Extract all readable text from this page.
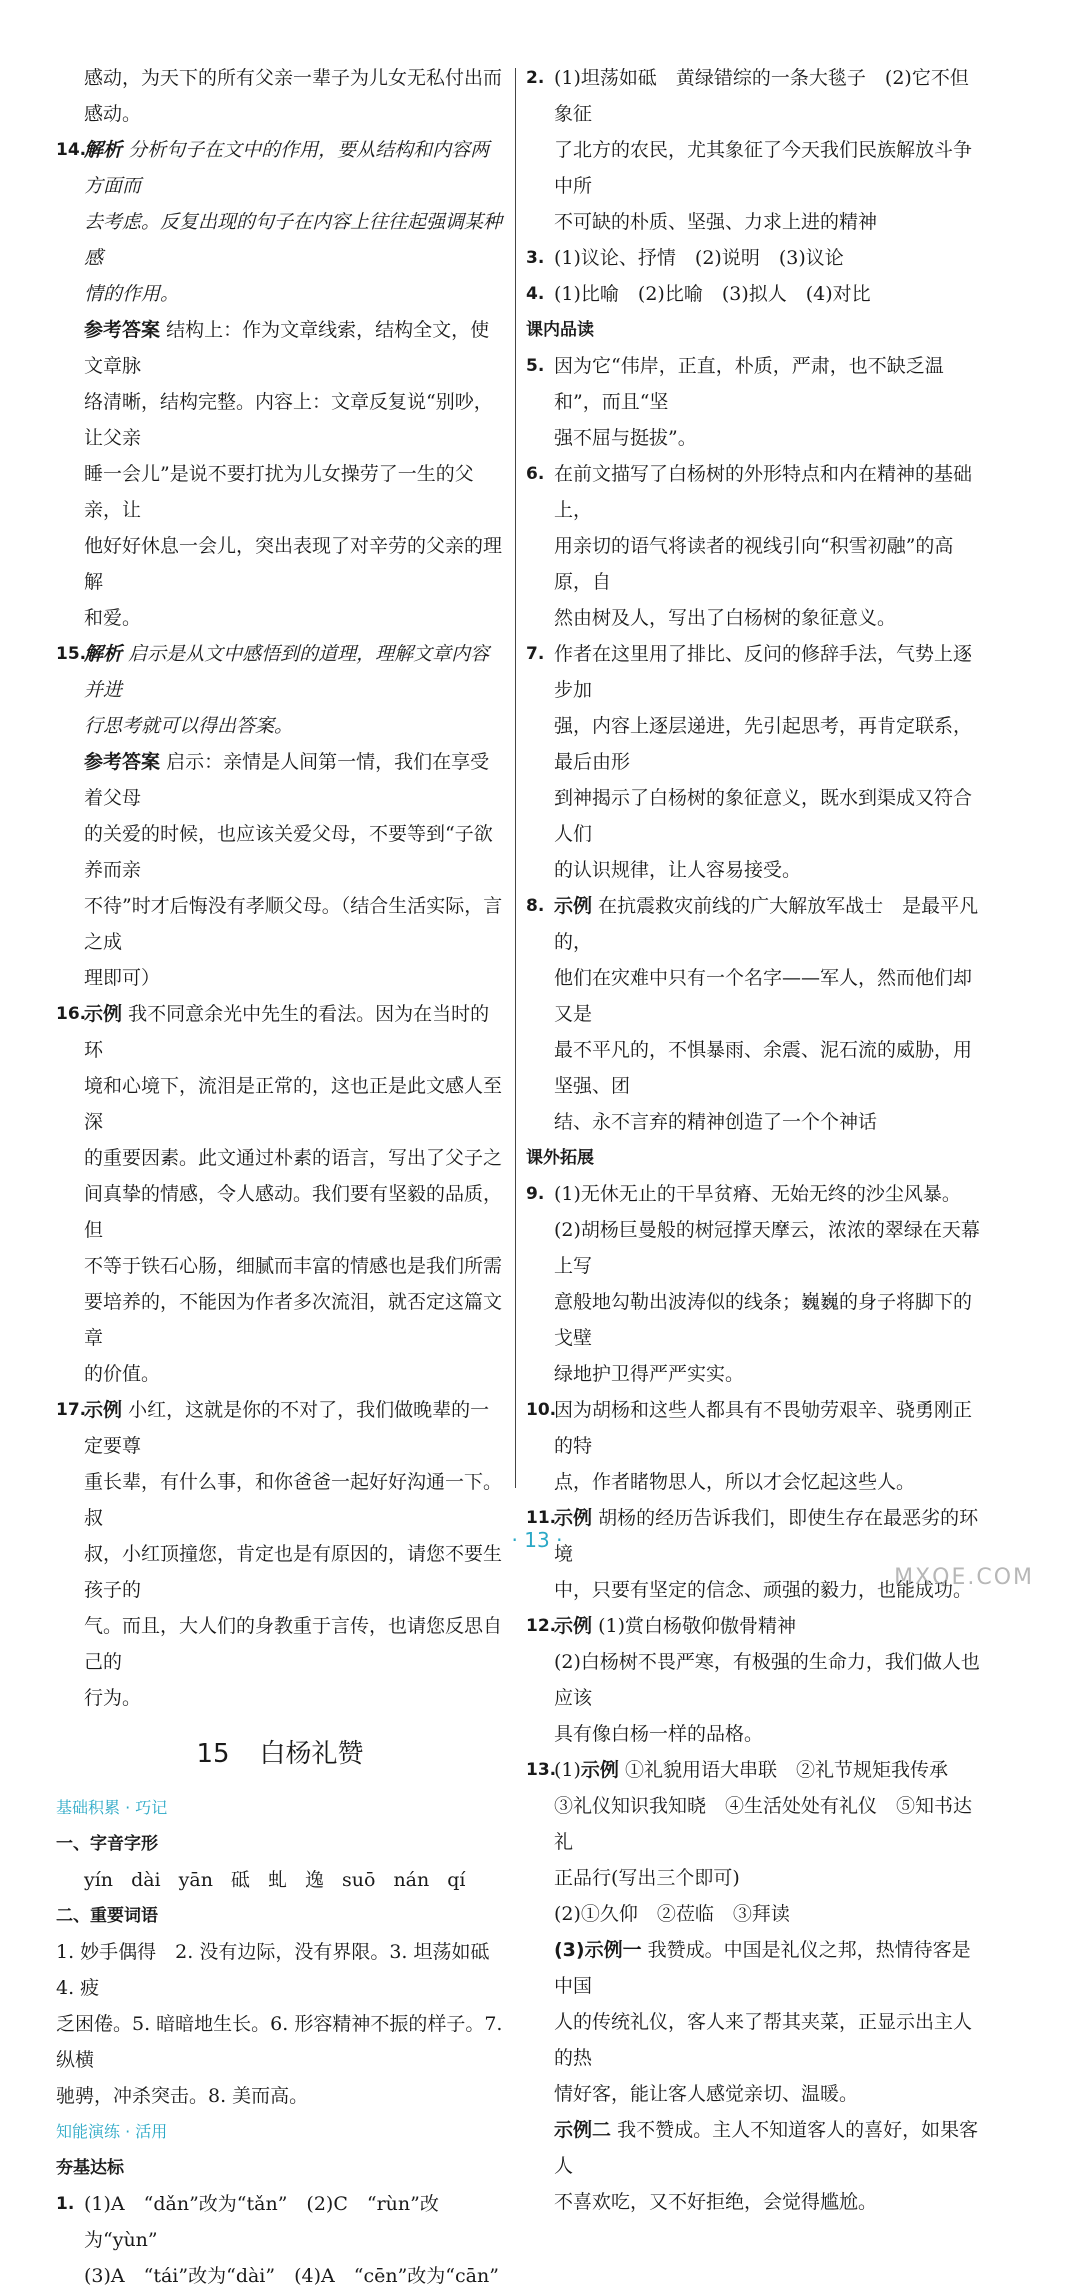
感动，为天下的所有父亲一辈子为儿女无私付出而
感动。
14.
解析 分析句子在文中的作用，要从结构和内容两方面而
去考虑。反复出现的句子在内容上往往起强调某种感
情的作用。
参考答案 结构上：作为文章线索，结构全文，使文章脉
络清晰，结构完整。内容上：文章反复说“别吵，让父亲
睡一会儿”是说不要打扰为儿女操劳了一生的父亲，让
他好好休息一会儿，突出表现了对辛劳的父亲的理解
和爱。
15.
解析 启示是从文中感悟到的道理，理解文章内容并进
行思考就可以得出答案。
参考答案 启示：亲情是人间第一情，我们在享受着父母
的关爱的时候，也应该关爱父母，不要等到“子欲养而亲
不待”时才后悔没有孝顺父母。（结合生活实际，言之成
理即可）
16.
示例 我不同意余光中先生的看法。因为在当时的环
境和心境下，流泪是正常的，这也正是此文感人至深
的重要因素。此文通过朴素的语言，写出了父子之
间真挚的情感，令人感动。我们要有坚毅的品质，但
不等于铁石心肠，细腻而丰富的情感也是我们所需
要培养的，不能因为作者多次流泪，就否定这篇文章
的价值。
17.
示例 小红，这就是你的不对了，我们做晚辈的一定要尊
重长辈，有什么事，和你爸爸一起好好沟通一下。　叔
叔，小红顶撞您，肯定也是有原因的，请您不要生孩子的
气。而且，大人们的身教重于言传，也请您反思自己的
行为。
15 白杨礼赞
基础积累 · 巧记
一、字音字形
yín dài yān 砥 虬 逸 suō nán qí
二、重要词语
1. 妙手偶得　2. 没有边际，没有界限。3. 坦荡如砥　4. 疲
乏困倦。5. 暗暗地生长。6. 形容精神不振的样子。7. 纵横
驰骋，冲杀突击。8. 美而高。
知能演练 · 活用
夯基达标
1. (1)A　“dǎn”改为“tǎn”　(2)C　“rùn”改为“yùn”
(3)A　“tái”改为“dài”　(4)A　“cēn”改为“cān”
2. (1)坦荡如砥　黄绿错综的一条大毯子　(2)它不但象征
了北方的农民，尤其象征了今天我们民族解放斗争中所
不可缺的朴质、坚强、力求上进的精神
3. (1)议论、抒情　(2)说明　(3)议论
4. (1)比喻　(2)比喻　(3)拟人　(4)对比
课内品读
5. 因为它“伟岸，正直，朴质，严肃，也不缺乏温和”，而且“坚
强不屈与挺拔”。
6. 在前文描写了白杨树的外形特点和内在精神的基础上，
用亲切的语气将读者的视线引向“积雪初融”的高原，自
然由树及人，写出了白杨树的象征意义。
7. 作者在这里用了排比、反问的修辞手法，气势上逐步加
强，内容上逐层递进，先引起思考，再肯定联系，最后由形
到神揭示了白杨树的象征意义，既水到渠成又符合人们
的认识规律，让人容易接受。
8. 示例 在抗震救灾前线的广大解放军战士　是最平凡的，
他们在灾难中只有一个名字——军人，然而他们却又是
最不平凡的，不惧暴雨、余震、泥石流的威胁，用坚强、团
结、永不言弃的精神创造了一个个神话
课外拓展
9. (1)无休无止的干旱贫瘠、无始无终的沙尘风暴。
(2)胡杨巨曼般的树冠撑天摩云，浓浓的翠绿在天幕上写
意般地勾勒出波涛似的线条；巍巍的身子将脚下的戈壁
绿地护卫得严严实实。
10.
因为胡杨和这些人都具有不畏劬劳艰辛、骁勇刚正的特
点，作者睹物思人，所以才会忆起这些人。
11.
示例 胡杨的经历告诉我们，即使生存在最恶劣的环境
中，只要有坚定的信念、顽强的毅力，也能成功。
12.
示例 (1)赏白杨敬仰傲骨精神
(2)白杨树不畏严寒，有极强的生命力，我们做人也应该
具有像白杨一样的品格。
13.
(1)示例 ①礼貌用语大串联　②礼节规矩我传承
③礼仪知识我知晓　④生活处处有礼仪　⑤知书达礼
正品行(写出三个即可)
(2)①久仰　②莅临　③拜读
(3)示例一 我赞成。中国是礼仪之邦，热情待客是中国
人的传统礼仪，客人来了帮其夹菜，正显示出主人的热
情好客，能让客人感觉亲切、温暖。
示例二 我不赞成。主人不知道客人的喜好，如果客人
不喜欢吃，又不好拒绝，会觉得尴尬。
· 13 ·
MXQE.COM
